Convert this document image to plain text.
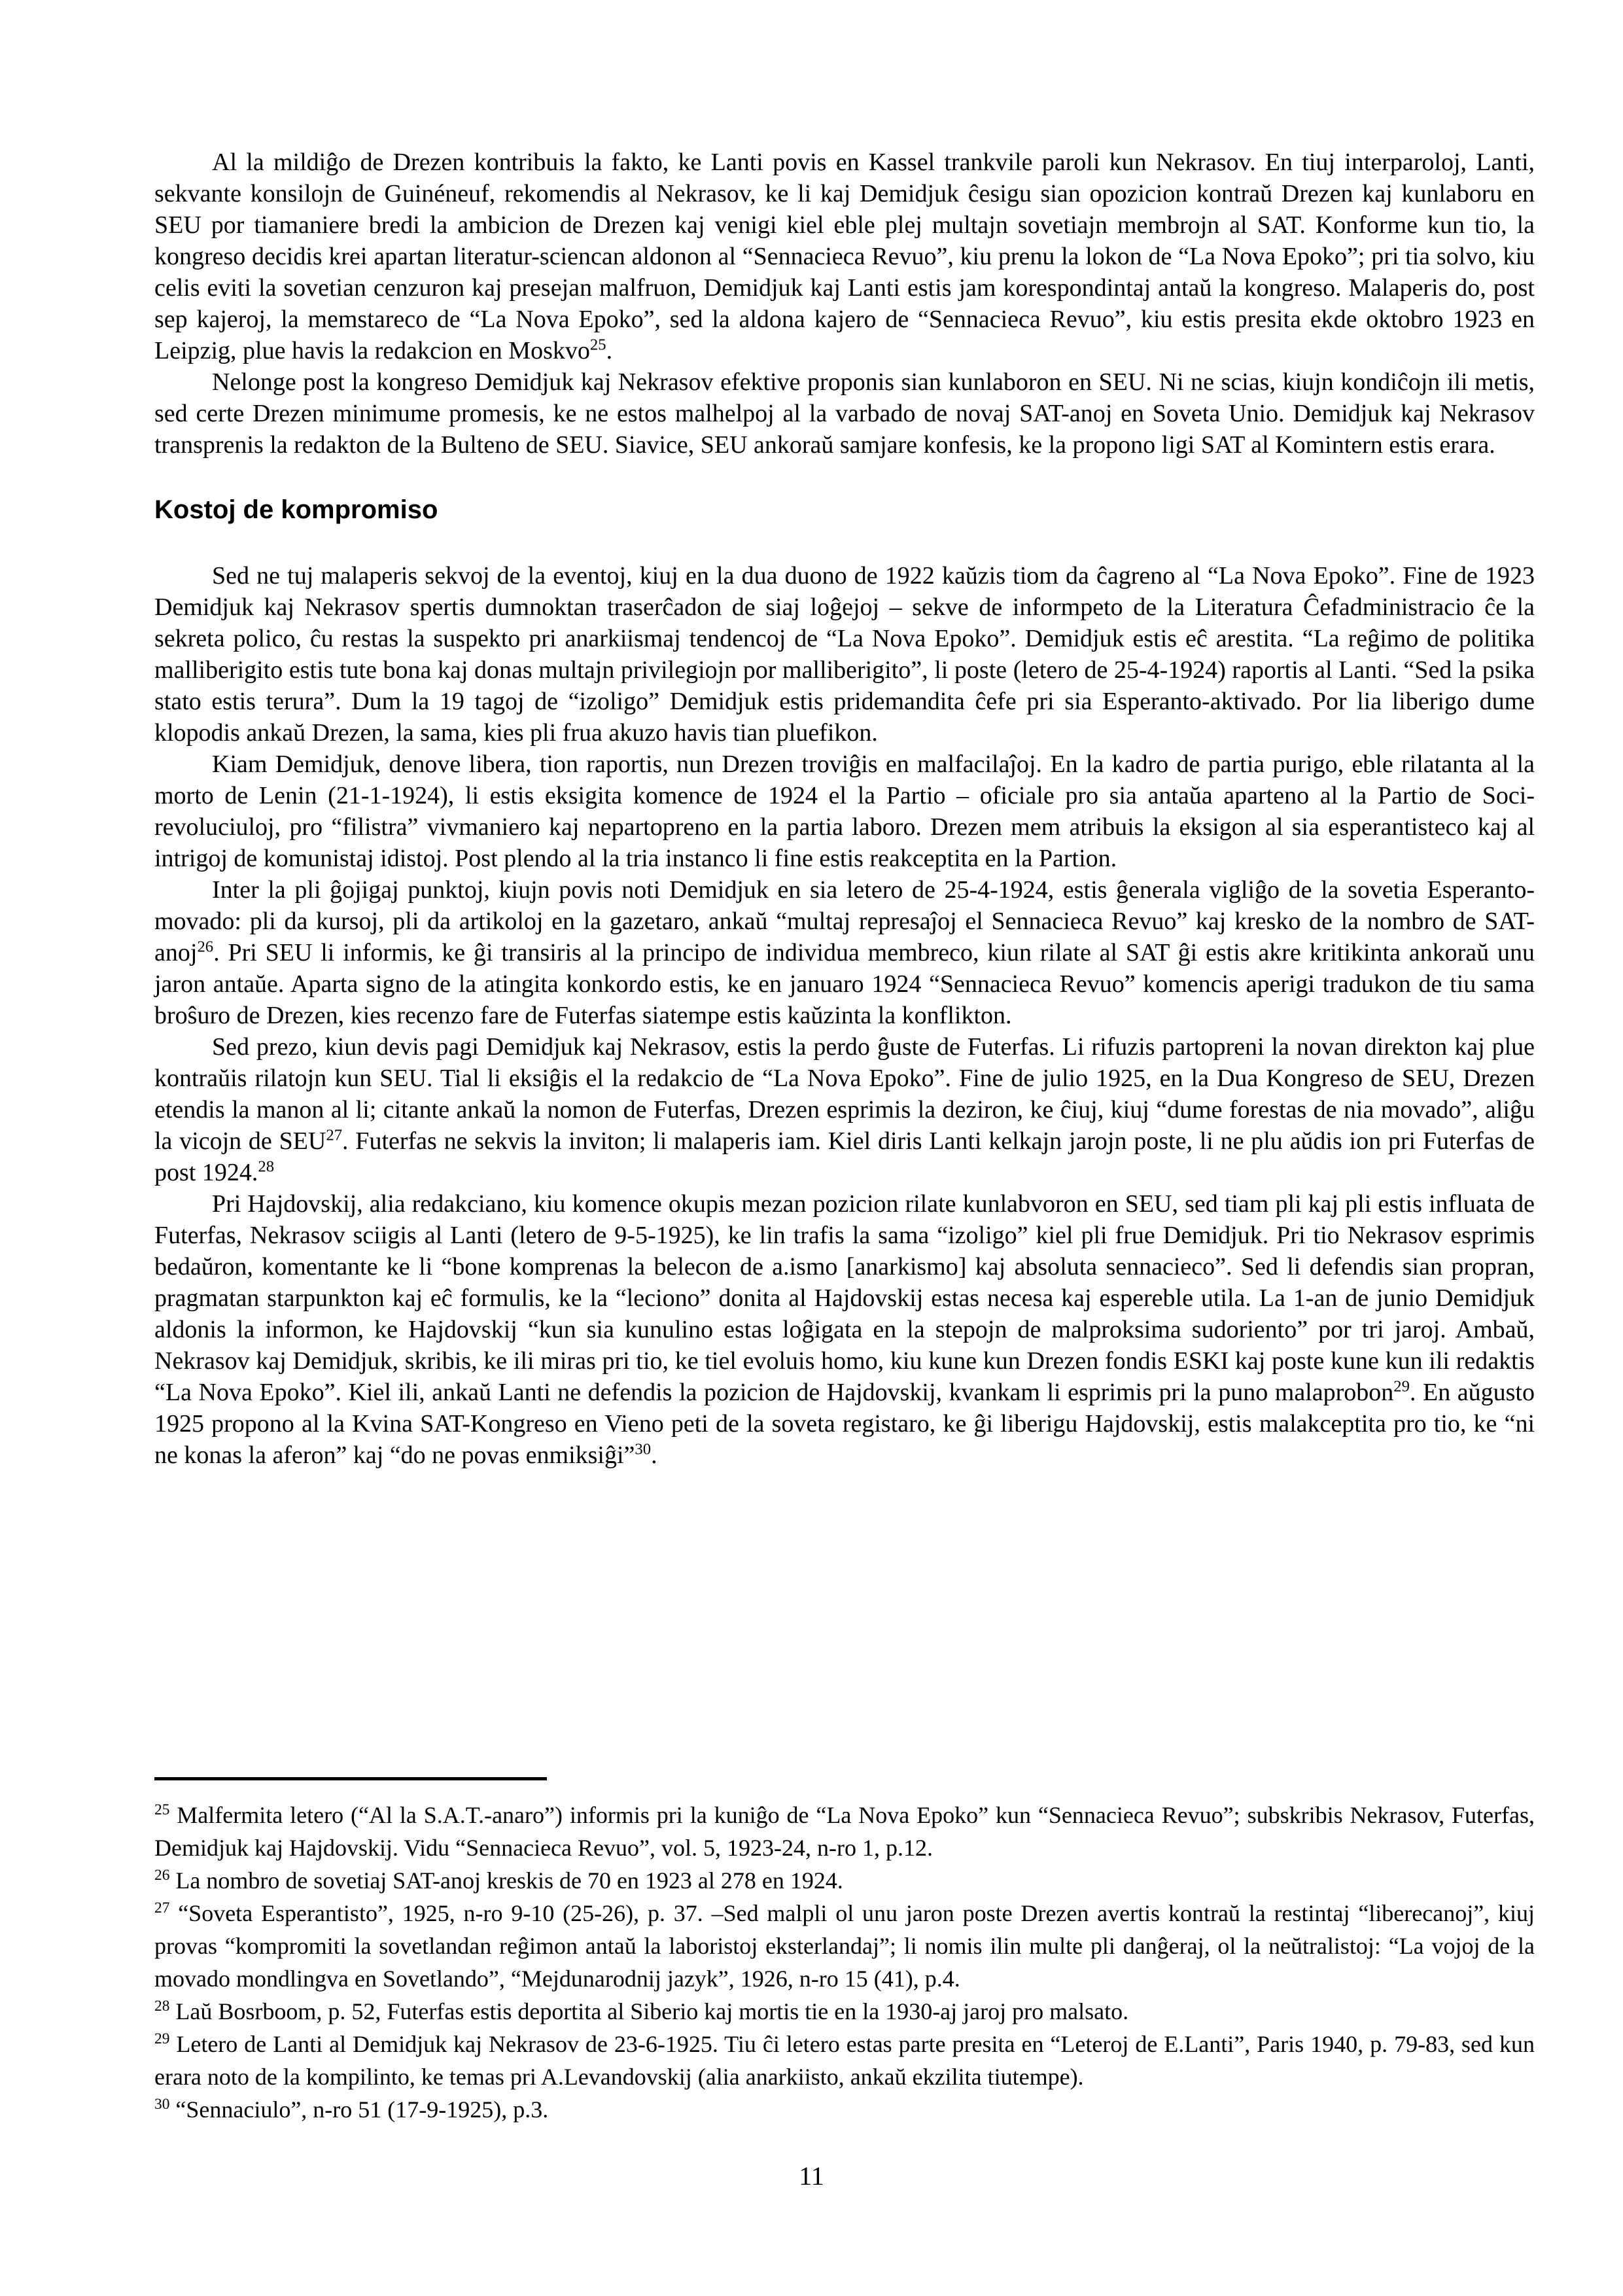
Al la mildiĝo de Drezen kontribuis la fakto, ke Lanti povis en Kassel trankvile paroli kun Nekrasov. En tiuj interparoloj, Lanti, sekvante konsilojn de Guinéneuf, rekomendis al Nekrasov, ke li kaj Demidjuk ĉesigu sian opozicion kontraŭ Drezen kaj kunlaboru en SEU por tiamaniere bredi la ambicion de Drezen kaj venigi kiel eble plej multajn sovetiajn membrojn al SAT. Konforme kun tio, la kongreso decidis krei apartan literatur-sciencan aldonon al “Sennacieca Revuo”, kiu prenu la lokon de “La Nova Epoko”; pri tia solvo, kiu celis eviti la sovetian cenzuron kaj presejan malfruon, Demidjuk kaj Lanti estis jam korespondintaj antaŭ la kongreso. Malaperis do, post sep kajeroj, la memstareco de “La Nova Epoko”, sed la aldona kajero de “Sennacieca Revuo”, kiu estis presita ekde oktobro 1923 en Leipzig, plue havis la redakcion en Moskvo$^{25}$.

Nelonge post la kongreso Demidjuk kaj Nekrasov efektive proponis sian kunlaboron en SEU. Ni ne scias, kiujn kondiĉojn ili metis, sed certe Drezen minimume promesis, ke ne estos malhelpoj al la varbado de novaj SAT-anoj en Soveta Unio. Demidjuk kaj Nekrasov transprenis la redakton de la Bulteno de SEU. Siavice, SEU ankoraŭ samjare konfesis, ke la propono ligi SAT al Komintern estis erara.

Kostoj de kompromiso

Sed ne tuj malaperis sekvoj de la eventoj, kiuj en la dua duono de 1922 kaŭzis tiom da ĉagreno al “La Nova Epoko”. Fine de 1923 Demidjuk kaj Nekrasov spertis dumnoktan traserĉadon de siaj loĝejoj – sekve de informpeto de la Literatura Ĉefadministracio ĉe la sekreta polico, ĉu restas la suspekto pri anarkiismaj tendencoj de “La Nova Epoko”. Demidjuk estis eĉ arestita. “La reĝimo de politika malliberigito estis tute bona kaj donas multajn privilegiojn por malliberigito”, li poste (letero de 25-4-1924) raportis al Lanti. “Sed la psika stato estis terura”. Dum la 19 tagoj de “izoligo” Demidjuk estis pridemandita ĉefe pri sia Esperanto-aktivado. Por lia liberigo dume klopodis ankaŭ Drezen, la sama, kies pli frua akuzo havis tian pluefikon.

Kiam Demidjuk, denove libera, tion raportis, nun Drezen troviĝis en malfacilaĵoj. En la kadro de partia purigo, eble rilatanta al la morto de Lenin (21-1-1924), li estis eksigita komence de 1924 el la Partio – oficiale pro sia antaŭa aparteno al la Partio de Soci-revoluciuloj, pro “filistra” vivmaniero kaj nepartopreno en la partia laboro. Drezen mem atribuis la eksigon al sia esperantisteco kaj al intrigoj de komunistaj idistoj. Post plendo al la tria instanco li fine estis reakceptita en la Partion.

Inter la pli ĝojigaj punktoj, kiujn povis noti Demidjuk en sia letero de 25-4-1924, estis ĝenerala vigliĝo de la sovetia Esperanto-movado: pli da kursoj, pli da artikoloj en la gazetaro, ankaŭ “multaj represaĵoj el Sennacieca Revuo” kaj kresko de la nombro de SAT-anoj$^{26}$. Pri SEU li informis, ke ĝi transiris al la principo de individua membreco, kiun rilate al SAT ĝi estis akre kritikinta ankoraŭ unu jaron antaŭe. Aparta signo de la atingita konkordo estis, ke en januaro 1924 “Sennacieca Revuo” komencis aperigi tradukon de tiu sama broŝuro de Drezen, kies recenzo fare de Futerfas siatempe estis kaŭzinta la konflikton.

Sed prezo, kiun devis pagi Demidjuk kaj Nekrasov, estis la perdo ĝuste de Futerfas. Li rifuzis partopreni la novan direkton kaj plue kontraŭis rilatojn kun SEU. Tial li eksiĝis el la redakcio de “La Nova Epoko”. Fine de julio 1925, en la Dua Kongreso de SEU, Drezen etendis la manon al li; citante ankaŭ la nomon de Futerfas, Drezen esprimis la deziron, ke ĉiuj, kiuj “dume forestas de nia movado”, aliĝu la vicojn de SEU$^{27}$. Futerfas ne sekvis la inviton; li malaperis iam. Kiel diris Lanti kelkajn jarojn poste, li ne plu aŭdis ion pri Futerfas de post 1924.28

Pri Hajdovskij, alia redakciano, kiu komence okupis mezan pozicion rilate kunlabvoron en SEU, sed tiam pli kaj pli estis influata de Futerfas, Nekrasov sciigis al Lanti (letero de 9-5-1925), ke lin trafis la sama “izoligo” kiel pli frue Demidjuk. Pri tio Nekrasov esprimis bedaŭron, komentante ke li “bone komprenas la belecon de a.ismo [anarkismo] kaj absoluta sennacieco”. Sed li defendis sian propran, pragmatan starpunkton kaj eĉ formulis, ke la “leciono” donita al Hajdovskij estas necesa kaj espereble utila. La 1-an de junio Demidjuk aldonis la informon, ke Hajdovskij “kun sia kunulino estas loĝigata en la stepojn de malproksima sudoriento” por tri jaroj. Ambaŭ, Nekrasov kaj Demidjuk, skribis, ke ili miras pri tio, ke tiel evoluis homo, kiu kune kun Drezen fondis ESKI kaj poste kune kun ili redaktis “La Nova Epoko”. Kiel ili, ankaŭ Lanti ne defendis la pozicion de Hajdovskij, kvankam li esprimis pri la puno malaprobon$^{29}$. En aŭgusto 1925 propono al la Kvina SAT-Kongreso en Vieno peti de la soveta registaro, ke ĝi liberigu Hajdovskij, estis malakceptita pro tio, ke “ni ne konas la aferon” kaj “do ne povas enmiksiĝi”$^{30}$.

$^{25}$ Malfermita letero (“Al la S.A.T.-anaro”) informis pri la kuniĝo de “La Nova Epoko” kun “Sennacieca Revuo”; subskribis Nekrasov, Futerfas, Demidjuk kaj Hajdovskij. Vidu “Sennacieca Revuo”, vol. 5, 1923-24, n-ro 1, p.12.

$^{26}$ La nombro de sovetiaj SAT-anoj kreskis de 70 en 1923 al 278 en 1924.

$^{27}$ “Soveta Esperantisto”, 1925, n-ro 9-10 (25-26), p. 37. –Sed malpli ol unu jaron poste Drezen avertis kontraŭ la restintaj “liberecanoj”, kiuj provas “kompromiti la sovetlandan reĝimon antaŭ la laboristoj eksterlandaj”; li nomis ilin multe pli danĝeraj, ol la neŭtralistoj: “La vojoj de la movado mondlingva en Sovetlando”, “Mejdunarodnij jazyk”, 1926, n-ro 15 (41), p.4.

$^{28}$ Laŭ Bosrboom, p. 52, Futerfas estis deportita al Siberio kaj mortis tie en la 1930-aj jaroj pro malsato.

$^{29}$ Letero de Lanti al Demidjuk kaj Nekrasov de 23-6-1925. Tiu ĉi letero estas parte presita en “Leteroj de E.Lanti”, Paris 1940, p. 79-83, sed kun erara noto de la kompilinto, ke temas pri A.Levandovskij (alia anarkiisto, ankaŭ ekzilita tiutempe).

$^{30}$ “Sennaciulo”, n-ro 51 (17-9-1925), p.3.

11
